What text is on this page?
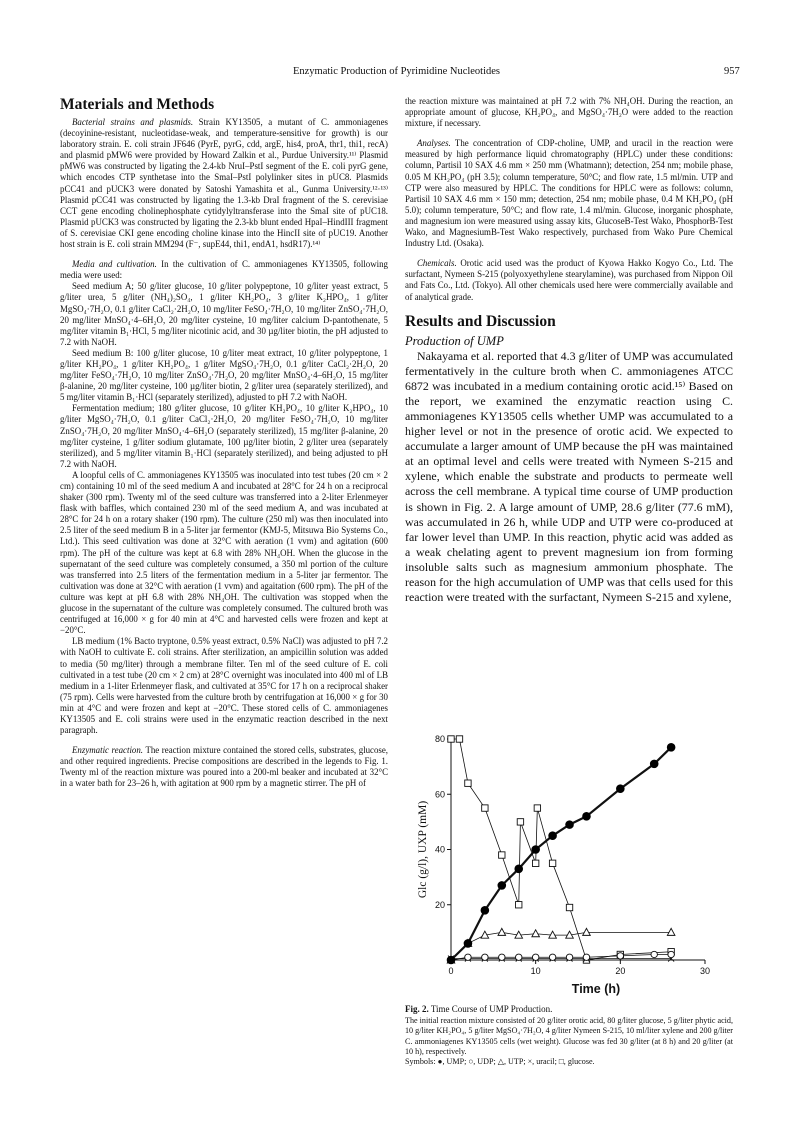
Enzymatic Production of Pyrimidine Nucleotides	957
Materials and Methods

Bacterial strains and plasmids. Strain KY13505, a mutant of C. ammoniagenes (decoyinine-resistant, nucleotidase-weak, and temperature-sensitive for growth) is our laboratory strain. E. coli strain JF646 (PyrE, pyrG, cdd, argE, his4, proA, thr1, thi1, recA) and plasmid pMW6 were provided by Howard Zalkin et al., Purdue University.¹¹⁾ Plasmid pMW6 was constructed by ligating the 2.4-kb NruI–PstI segment of the E. coli pyrG gene, which encodes CTP synthetase into the SmaI–PstI polylinker sites in pUC8. Plasmids pCC41 and pUCK3 were donated by Satoshi Yamashita et al., Gunma University.¹²·¹³⁾ Plasmid pCC41 was constructed by ligating the 1.3-kb DraI fragment of the S. cerevisiae CCT gene encoding cholinephosphate cytidylyltransferase into the SmaI site of pUC18. Plasmid pUCK3 was constructed by ligating the 2.3-kb blunt ended HpaI–HindIII fragment of S. cerevisiae CKI gene encoding choline kinase into the HincII site of pUC19. Another host strain is E. coli strain MM294 (F⁻, supE44, thi1, endA1, hsdR17).¹⁴⁾

Media and cultivation. In the cultivation of C. ammoniagenes KY13505, following media were used:

Seed medium A; 50 g/liter glucose, 10 g/liter polypeptone, 10 g/liter yeast extract, 5 g/liter urea, 5 g/liter (NH₄)₂SO₄, 1 g/liter KH₂PO₄, 3 g/liter K₂HPO₄, 1 g/liter MgSO₄·7H₂O, 0.1 g/liter CaCl₂·2H₂O, 10 mg/liter FeSO₄·7H₂O, 10 mg/liter ZnSO₄·7H₂O, 20 mg/liter MnSO₄·4–6H₂O, 20 mg/liter cysteine, 10 mg/liter calcium D-pantothenate, 5 mg/liter vitamin B₁·HCl, 5 mg/liter nicotinic acid, and 30 µg/liter biotin, the pH adjusted to 7.2 with NaOH.

Seed medium B: 100 g/liter glucose, 10 g/liter meat extract, 10 g/liter polypeptone, 1 g/liter KH₂PO₄, 1 g/liter KH₂PO₄, 1 g/liter MgSO₄·7H₂O, 0.1 g/liter CaCl₂·2H₂O, 20 mg/liter FeSO₄·7H₂O, 10 mg/liter ZnSO₄·7H₂O, 20 mg/liter MnSO₄·4–6H₂O, 15 mg/liter β-alanine, 20 mg/liter cysteine, 100 µg/liter biotin, 2 g/liter urea (separately sterilized), and 5 mg/liter vitamin B₁·HCl (separately sterilized), adjusted to pH 7.2 with NaOH.

Fermentation medium; 180 g/liter glucose, 10 g/liter KH₂PO₄, 10 g/liter K₂HPO₄, 10 g/liter MgSO₄·7H₂O, 0.1 g/liter CaCl₂·2H₂O, 20 mg/liter FeSO₄·7H₂O, 10 mg/liter ZnSO₄·7H₂O, 20 mg/liter MnSO₄·4–6H₂O (separately sterilized), 15 mg/liter β-alanine, 20 mg/liter cysteine, 1 g/liter sodium glutamate, 100 µg/liter biotin, 2 g/liter urea (separately sterilized), and 5 mg/liter vitamin B₁·HCl (separately sterilized), and being adjusted to pH 7.2 with NaOH.

A loopful cells of C. ammoniagenes KY13505 was inoculated into test tubes (20 cm × 2 cm) containing 10 ml of the seed medium A and incubated at 28°C for 24 h on a reciprocal shaker (300 rpm). Twenty ml of the seed culture was transferred into a 2-liter Erlenmeyer flask with baffles, which contained 230 ml of the seed medium A, and was incubated at 28°C for 24 h on a rotary shaker (190 rpm). The culture (250 ml) was then inoculated into 2.5 liter of the seed medium B in a 5-liter jar fermentor (KMJ-5, Mitsuwa Bio Systems Co., Ltd.). This seed cultivation was done at 32°C with aeration (1 vvm) and agitation (600 rpm). The pH of the culture was kept at 6.8 with 28% NH₄OH. When the glucose in the supernatant of the seed culture was completely consumed, a 350 ml portion of the culture was transferred into 2.5 liters of the fermentation medium in a 5-liter jar fermentor. The cultivation was done at 32°C with aeration (1 vvm) and agaitation (600 rpm). The pH of the culture was kept at pH 6.8 with 28% NH₄OH. The cultivation was stopped when the glucose in the supernatant of the culture was completely consumed. The cultured broth was centrifuged at 16,000 × g for 40 min at 4°C and harvested cells were frozen and kept at −20°C.

LB medium (1% Bacto tryptone, 0.5% yeast extract, 0.5% NaCl) was adjusted to pH 7.2 with NaOH to cultivate E. coli strains. After sterilization, an ampicillin solution was added to media (50 mg/liter) through a membrane filter. Ten ml of the seed culture of E. coli cultivated in a test tube (20 cm × 2 cm) at 28°C overnight was inoculated into 400 ml of LB medium in a 1-liter Erlenmeyer flask, and cultivated at 35°C for 17 h on a reciprocal shaker (75 rpm). Cells were harvested from the culture broth by centrifugation at 16,000 × g for 30 min at 4°C and were frozen and kept at −20°C. These stored cells of C. ammoniagenes KY13505 and E. coli strains were used in the enzymatic reaction described in the next paragraph.

Enzymatic reaction. The reaction mixture contained the stored cells, substrates, glucose, and other required ingredients. Precise compositions are described in the legends to Fig. 1. Twenty ml of the reaction mixture was poured into a 200-ml beaker and incubated at 32°C in a water bath for 23–26 h, with agitation at 900 rpm by a magnetic stirrer. The pH of

the reaction mixture was maintained at pH 7.2 with 7% NH₄OH. During the reaction, an appropriate amount of glucose, KH₂PO₄, and MgSO₄·7H₂O were added to the reaction mixture, if necessary.

Analyses. The concentration of CDP-choline, UMP, and uracil in the reaction were measured by high performance liquid chromatography (HPLC) under these conditions: column, Partisil 10 SAX 4.6 mm × 250 mm (Whatmann); detection, 254 nm; mobile phase, 0.05 M KH₂PO₄ (pH 3.5); column temperature, 50°C; and flow rate, 1.5 ml/min. UTP and CTP were also measured by HPLC. The conditions for HPLC were as follows: column, Partisil 10 SAX 4.6 mm × 150 mm; detection, 254 nm; mobile phase, 0.4 M KH₂PO₄ (pH 5.0); column temperature, 50°C; and flow rate, 1.4 ml/min. Glucose, inorganic phosphate, and magnesium ion were measured using assay kits, GlucoseB-Test Wako, PhosphorB-Test Wako, and MagnesiumB-Test Wako respectively, purchased from Wako Pure Chemical Industry Ltd. (Osaka).

Chemicals. Orotic acid used was the product of Kyowa Hakko Kogyo Co., Ltd. The surfactant, Nymeen S-215 (polyoxyethylene stearylamine), was purchased from Nippon Oil and Fats Co., Ltd. (Tokyo). All other chemicals used here were commercially available and of analytical grade.

Results and Discussion
Production of UMP

Nakayama et al. reported that 4.3 g/liter of UMP was accumulated fermentatively in the culture broth when C. ammoniagenes ATCC 6872 was incubated in a medium containing orotic acid.¹⁵⁾ Based on the report, we examined the enzymatic reaction using C. ammoniagenes KY13505 cells whether UMP was accumulated to a higher level or not in the presence of orotic acid. We expected to accumulate a larger amount of UMP because the pH was maintained at an optimal level and cells were treated with Nymeen S-215 and xylene, which enable the substrate and products to permeate well across the cell membrane. A typical time course of UMP production is shown in Fig. 2. A large amount of UMP, 28.6 g/liter (77.6 mM), was accumulated in 26 h, while UDP and UTP were co-produced at far lower level than UMP. In this reaction, phytic acid was added as a weak chelating agent to prevent magnesium ion from forming insoluble salts such as magnesium ammonium phosphate. The reason for the high accumulation of UMP was that cells used for this reaction were treated with the surfactant, Nymeen S-215 and xylene,

0	10	20	30
20
40
60
80
Time (h)
Glc (g/l), UXP (mM)
Fig. 2. Time Course of UMP Production.
The initial reaction mixture consisted of 20 g/liter orotic acid, 80 g/liter glucose, 5 g/liter phytic acid, 10 g/liter KH₂PO₄, 5 g/liter MgSO₄·7H₂O, 4 g/liter Nymeen S-215, 10 ml/liter xylene and 200 g/liter C. ammoniagenes KY13505 cells (wet weight). Glucose was fed 30 g/liter (at 8 h) and 20 g/liter (at 10 h), respectively.
Symbols: ●, UMP; ○, UDP; △, UTP; ×, uracil; □, glucose.
